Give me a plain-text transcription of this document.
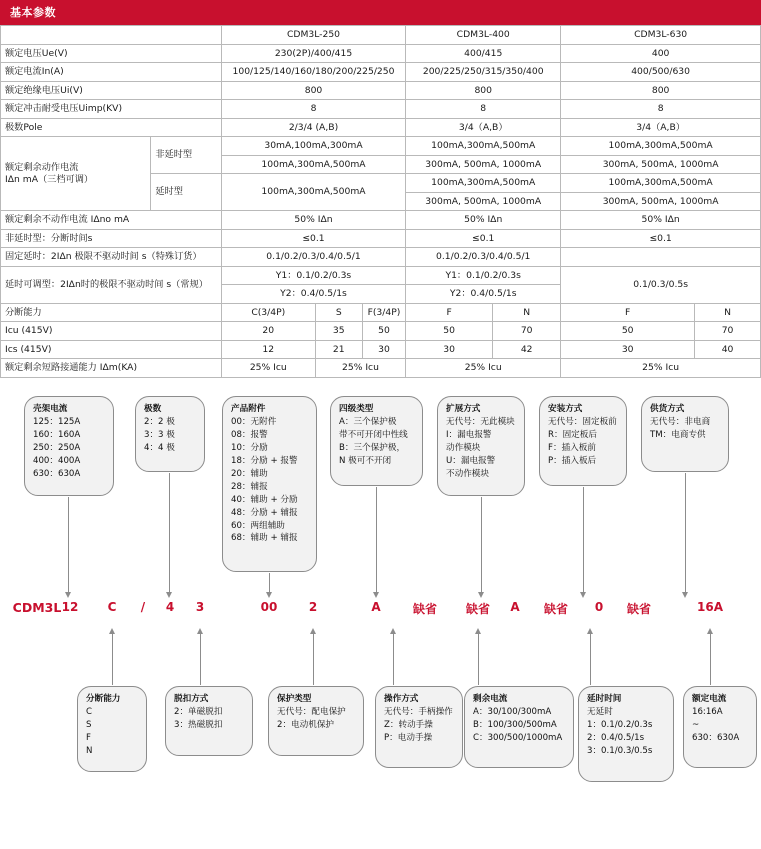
基本参数
		CDM3L-250			CDM3L-400		CDM3L-630	
额定电压Ue(V)		230(2P)/400/415			400/415		400	
额定电流In(A)		100/125/140/160/180/200/225/250			200/225/250/315/350/400		400/500/630	
额定绝缘电压Ui(V)		800			800		800	
额定冲击耐受电压Uimp(KV)		8			8		8	
极数Pole		2/3/4 (A,B)			3/4（A,B）		3/4（A,B）	
额定剩余动作电流
IΔn mA（三档可调）	非延时型	30mA,100mA,300mA			100mA,300mA,500mA		100mA,300mA,500mA	
		100mA,300mA,500mA			300mA, 500mA, 1000mA		300mA, 500mA, 1000mA	
	延时型	100mA,300mA,500mA			100mA,300mA,500mA		100mA,300mA,500mA	
					300mA, 500mA, 1000mA		300mA, 500mA, 1000mA	
额定剩余不动作电流 IΔno mA		50% IΔn			50% IΔn		50% IΔn	
非延时型：分断时间s		≤0.1			≤0.1		≤0.1	
固定延时：2IΔn 极限不驱动时间 s（特殊订货）		0.1/0.2/0.3/0.4/0.5/1			0.1/0.2/0.3/0.4/0.5/1			
延时可调型：2IΔn时的极限不驱动时间 s（常规）		Y1：0.1/0.2/0.3s			Y1：0.1/0.2/0.3s		0.1/0.3/0.5s	
		Y2：0.4/0.5/1s			Y2：0.4/0.5/1s			
分断能力		C(3/4P)	S	F(3/4P)	F	N	F	N
Icu (415V)		20	35	50	50	70	50	70
Ics (415V)		12	21	30	30	42	30	40
额定剩余短路接通能力 IΔm(KA)		25% Icu	25% Icu		25% Icu		25% Icu	
壳架电流
125：125A
160：160A
250：250A
400：400A
630：630A
极数
2：2 极
3：3 极
4：4 极
产品附件
00：无附件
08：报警
10：分励
18：分励 + 报警
20：辅助
28：辅报
40：辅助 + 分励
48：分励 + 辅报
60：两组辅助
68：辅助 + 辅报
四级类型
A：三个保护极
带不可开闭中性线
B：三个保护极，
N 极可不开闭
扩展方式
无代号：无此模块
I：漏电报警
动作模块
U：漏电报警
不动作模块
安装方式
无代号：固定板前
R：固定板后
F：插入板前
P：插入板后
供货方式
无代号：非电商
TM：电商专供
CDM3L 12	C	/	4	3	00	2	A	缺省	缺省	A	缺省	0	缺省	16A
分断能力
C
S
F
N
脱扣方式
2：单磁脱扣
3：热磁脱扣
保护类型
无代号：配电保护
2：电动机保护
操作方式
无代号：手柄操作
Z：转动手操
P：电动手操
剩余电流
A：30/100/300mA
B：100/300/500mA
C：300/500/1000mA
延时时间
无延时
1：0.1/0.2/0.3s
2：0.4/0.5/1s
3：0.1/0.3/0.5s
额定电流
16:16A
~
630：630A
